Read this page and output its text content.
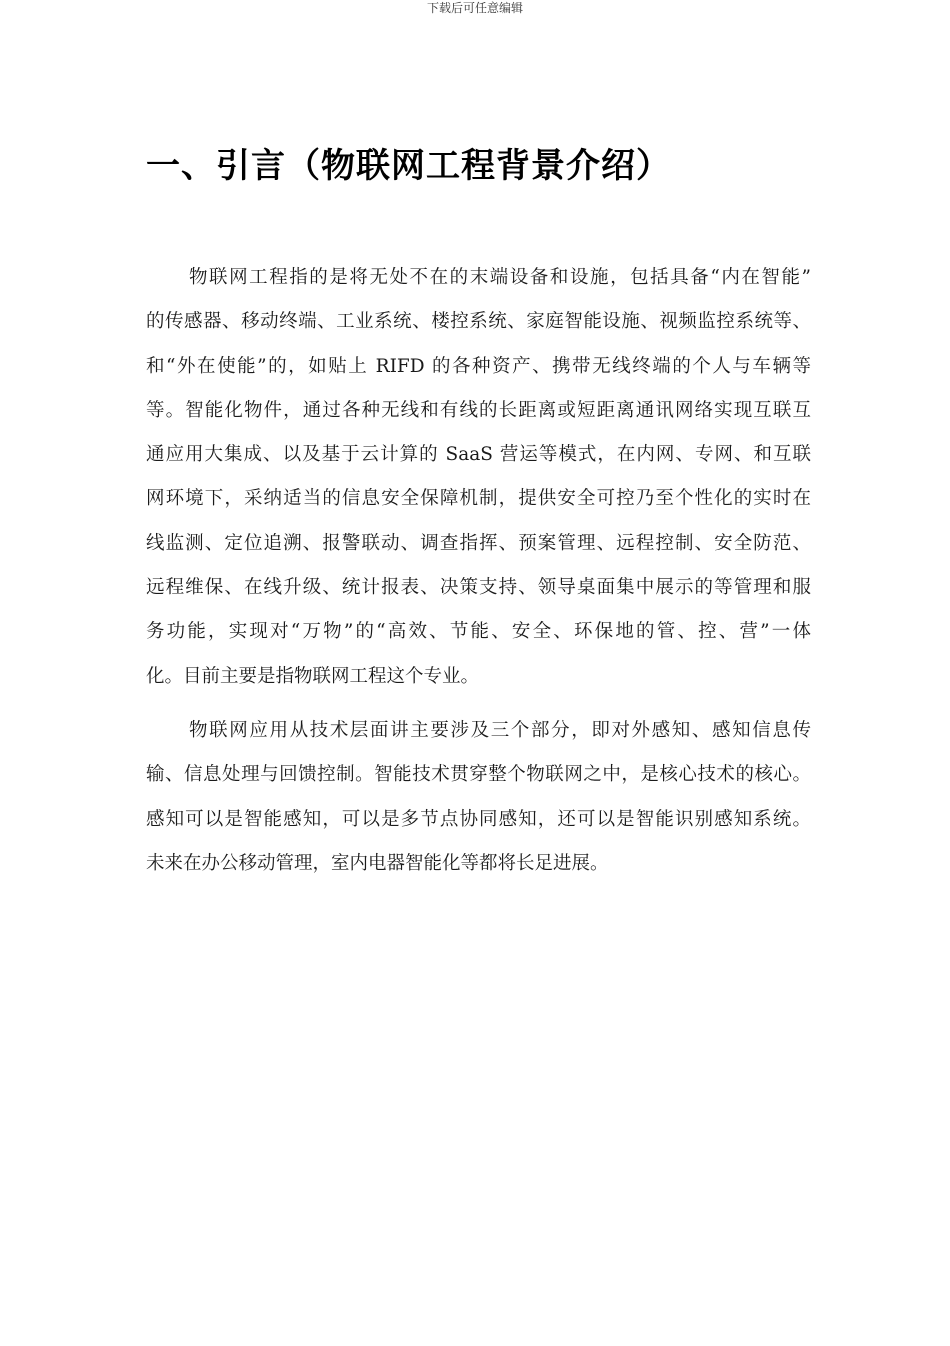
下载后可任意编辑
一、引言（物联网工程背景介绍）
物联网工程指的是将无处不在的末端设备和设施，包括具备“内在智能”
的传感器、移动终端、工业系统、楼控系统、家庭智能设施、视频监控系统等、
和“外在使能”的，如贴上 RIFD 的各种资产、携带无线终端的个人与车辆等
等。智能化物件，通过各种无线和有线的长距离或短距离通讯网络实现互联互
通应用大集成、以及基于云计算的 SaaS 营运等模式，在内网、专网、和互联
网环境下，采纳适当的信息安全保障机制，提供安全可控乃至个性化的实时在
线监测、定位追溯、报警联动、调查指挥、预案管理、远程控制、安全防范、
远程维保、在线升级、统计报表、决策支持、领导桌面集中展示的等管理和服
务功能，实现对“万物”的“高效、节能、安全、环保地的管、控、营”一体
化。目前主要是指物联网工程这个专业。
物联网应用从技术层面讲主要涉及三个部分，即对外感知、感知信息传
输、信息处理与回馈控制。智能技术贯穿整个物联网之中，是核心技术的核心。
感知可以是智能感知，可以是多节点协同感知，还可以是智能识别感知系统。
未来在办公移动管理，室内电器智能化等都将长足进展。
